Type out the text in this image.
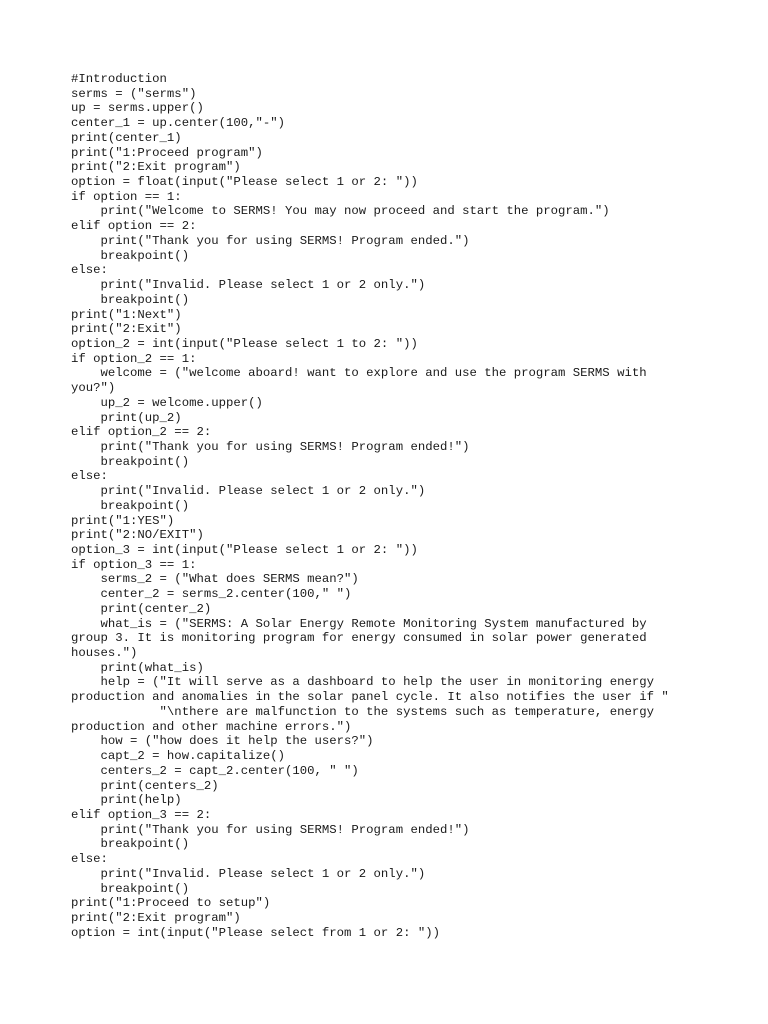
#Introduction
serms = ("serms")
up = serms.upper()
center_1 = up.center(100,"-")
print(center_1)
print("1:Proceed program")
print("2:Exit program")
option = float(input("Please select 1 or 2: "))
if option == 1:
print("Welcome to SERMS! You may now proceed and start the program.")
elif option == 2:
print("Thank you for using SERMS! Program ended.")
breakpoint()
else:
print("Invalid. Please select 1 or 2 only.")
breakpoint()
print("1:Next")
print("2:Exit")
option_2 = int(input("Please select 1 to 2: "))
if option_2 == 1:
welcome = ("welcome aboard! want to explore and use the program SERMS with
you?")
up_2 = welcome.upper()
print(up_2)
elif option_2 == 2:
print("Thank you for using SERMS! Program ended!")
breakpoint()
else:
print("Invalid. Please select 1 or 2 only.")
breakpoint()
print("1:YES")
print("2:NO/EXIT")
option_3 = int(input("Please select 1 or 2: "))
if option_3 == 1:
serms_2 = ("What does SERMS mean?")
center_2 = serms_2.center(100," ")
print(center_2)
what_is = ("SERMS: A Solar Energy Remote Monitoring System manufactured by
group 3. It is monitoring program for energy consumed in solar power generated
houses.")
print(what_is)
help = ("It will serve as a dashboard to help the user in monitoring energy
production and anomalies in the solar panel cycle. It also notifies the user if "
"\nthere are malfunction to the systems such as temperature, energy
production and other machine errors.")
how = ("how does it help the users?")
capt_2 = how.capitalize()
centers_2 = capt_2.center(100, " ")
print(centers_2)
print(help)
elif option_3 == 2:
print("Thank you for using SERMS! Program ended!")
breakpoint()
else:
print("Invalid. Please select 1 or 2 only.")
breakpoint()
print("1:Proceed to setup")
print("2:Exit program")
option = int(input("Please select from 1 or 2: "))
